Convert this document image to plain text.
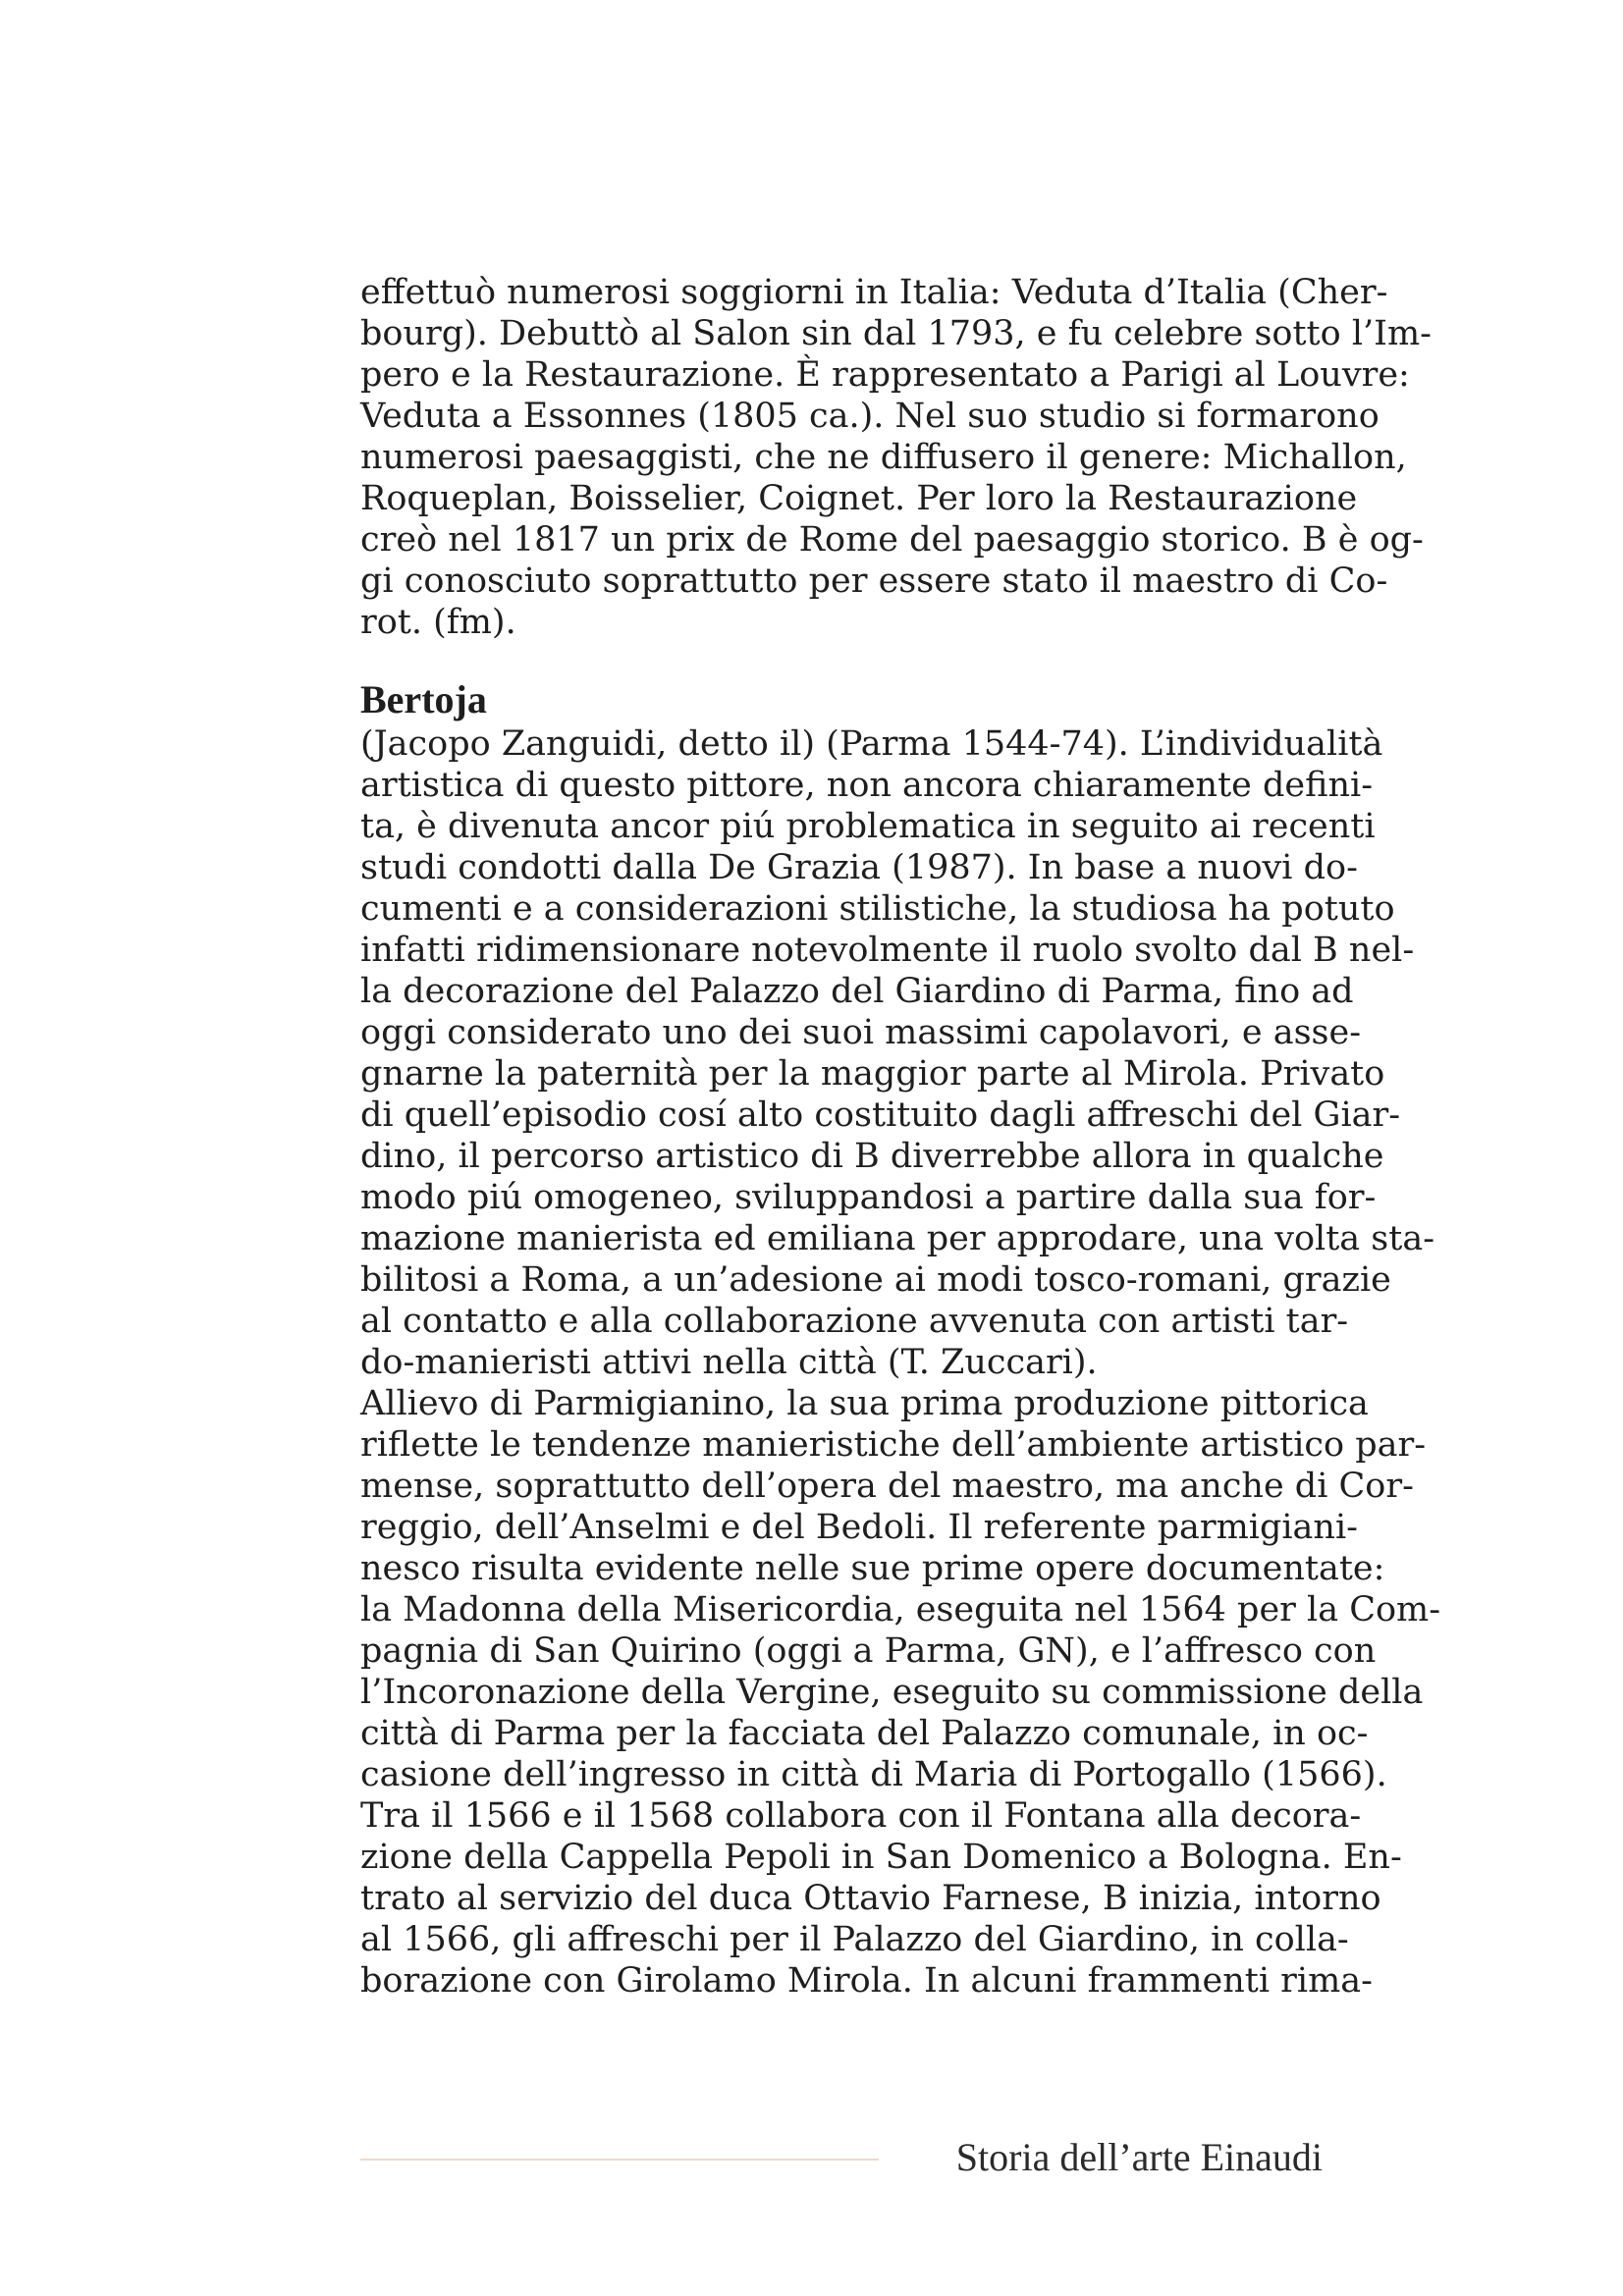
effettuò numerosi soggiorni in Italia: Veduta d’Italia (Cher-
bourg). Debuttò al Salon sin dal 1793, e fu celebre sotto l’Im-
pero e la Restaurazione. È rappresentato a Parigi al Louvre:
Veduta a Essonnes (1805 ca.). Nel suo studio si formarono
numerosi paesaggisti, che ne diffusero il genere: Michallon,
Roqueplan, Boisselier, Coignet. Per loro la Restaurazione
creò nel 1817 un prix de Rome del paesaggio storico. B è og-
gi conosciuto soprattutto per essere stato il maestro di Co-
rot. (fm).
Bertoja
(Jacopo Zanguidi, detto il) (Parma 1544-74). L’individualità
artistica di questo pittore, non ancora chiaramente defini-
ta, è divenuta ancor piú problematica in seguito ai recenti
studi condotti dalla De Grazia (1987). In base a nuovi do-
cumenti e a considerazioni stilistiche, la studiosa ha potuto
infatti ridimensionare notevolmente il ruolo svolto dal B nel-
la decorazione del Palazzo del Giardino di Parma, fino ad
oggi considerato uno dei suoi massimi capolavori, e asse-
gnarne la paternità per la maggior parte al Mirola. Privato
di quell’episodio cosí alto costituito dagli affreschi del Giar-
dino, il percorso artistico di B diverrebbe allora in qualche
modo piú omogeneo, sviluppandosi a partire dalla sua for-
mazione manierista ed emiliana per approdare, una volta sta-
bilitosi a Roma, a un’adesione ai modi tosco-romani, grazie
al contatto e alla collaborazione avvenuta con artisti tar-
do-manieristi attivi nella città (T. Zuccari).
Allievo di Parmigianino, la sua prima produzione pittorica
riflette le tendenze manieristiche dell’ambiente artistico par-
mense, soprattutto dell’opera del maestro, ma anche di Cor-
reggio, dell’Anselmi e del Bedoli. Il referente parmigiani-
nesco risulta evidente nelle sue prime opere documentate:
la Madonna della Misericordia, eseguita nel 1564 per la Com-
pagnia di San Quirino (oggi a Parma, GN), e l’affresco con
l’Incoronazione della Vergine, eseguito su commissione della
città di Parma per la facciata del Palazzo comunale, in oc-
casione dell’ingresso in città di Maria di Portogallo (1566).
Tra il 1566 e il 1568 collabora con il Fontana alla decora-
zione della Cappella Pepoli in San Domenico a Bologna. En-
trato al servizio del duca Ottavio Farnese, B inizia, intorno
al 1566, gli affreschi per il Palazzo del Giardino, in colla-
borazione con Girolamo Mirola. In alcuni frammenti rima-
Storia dell’arte Einaudi
